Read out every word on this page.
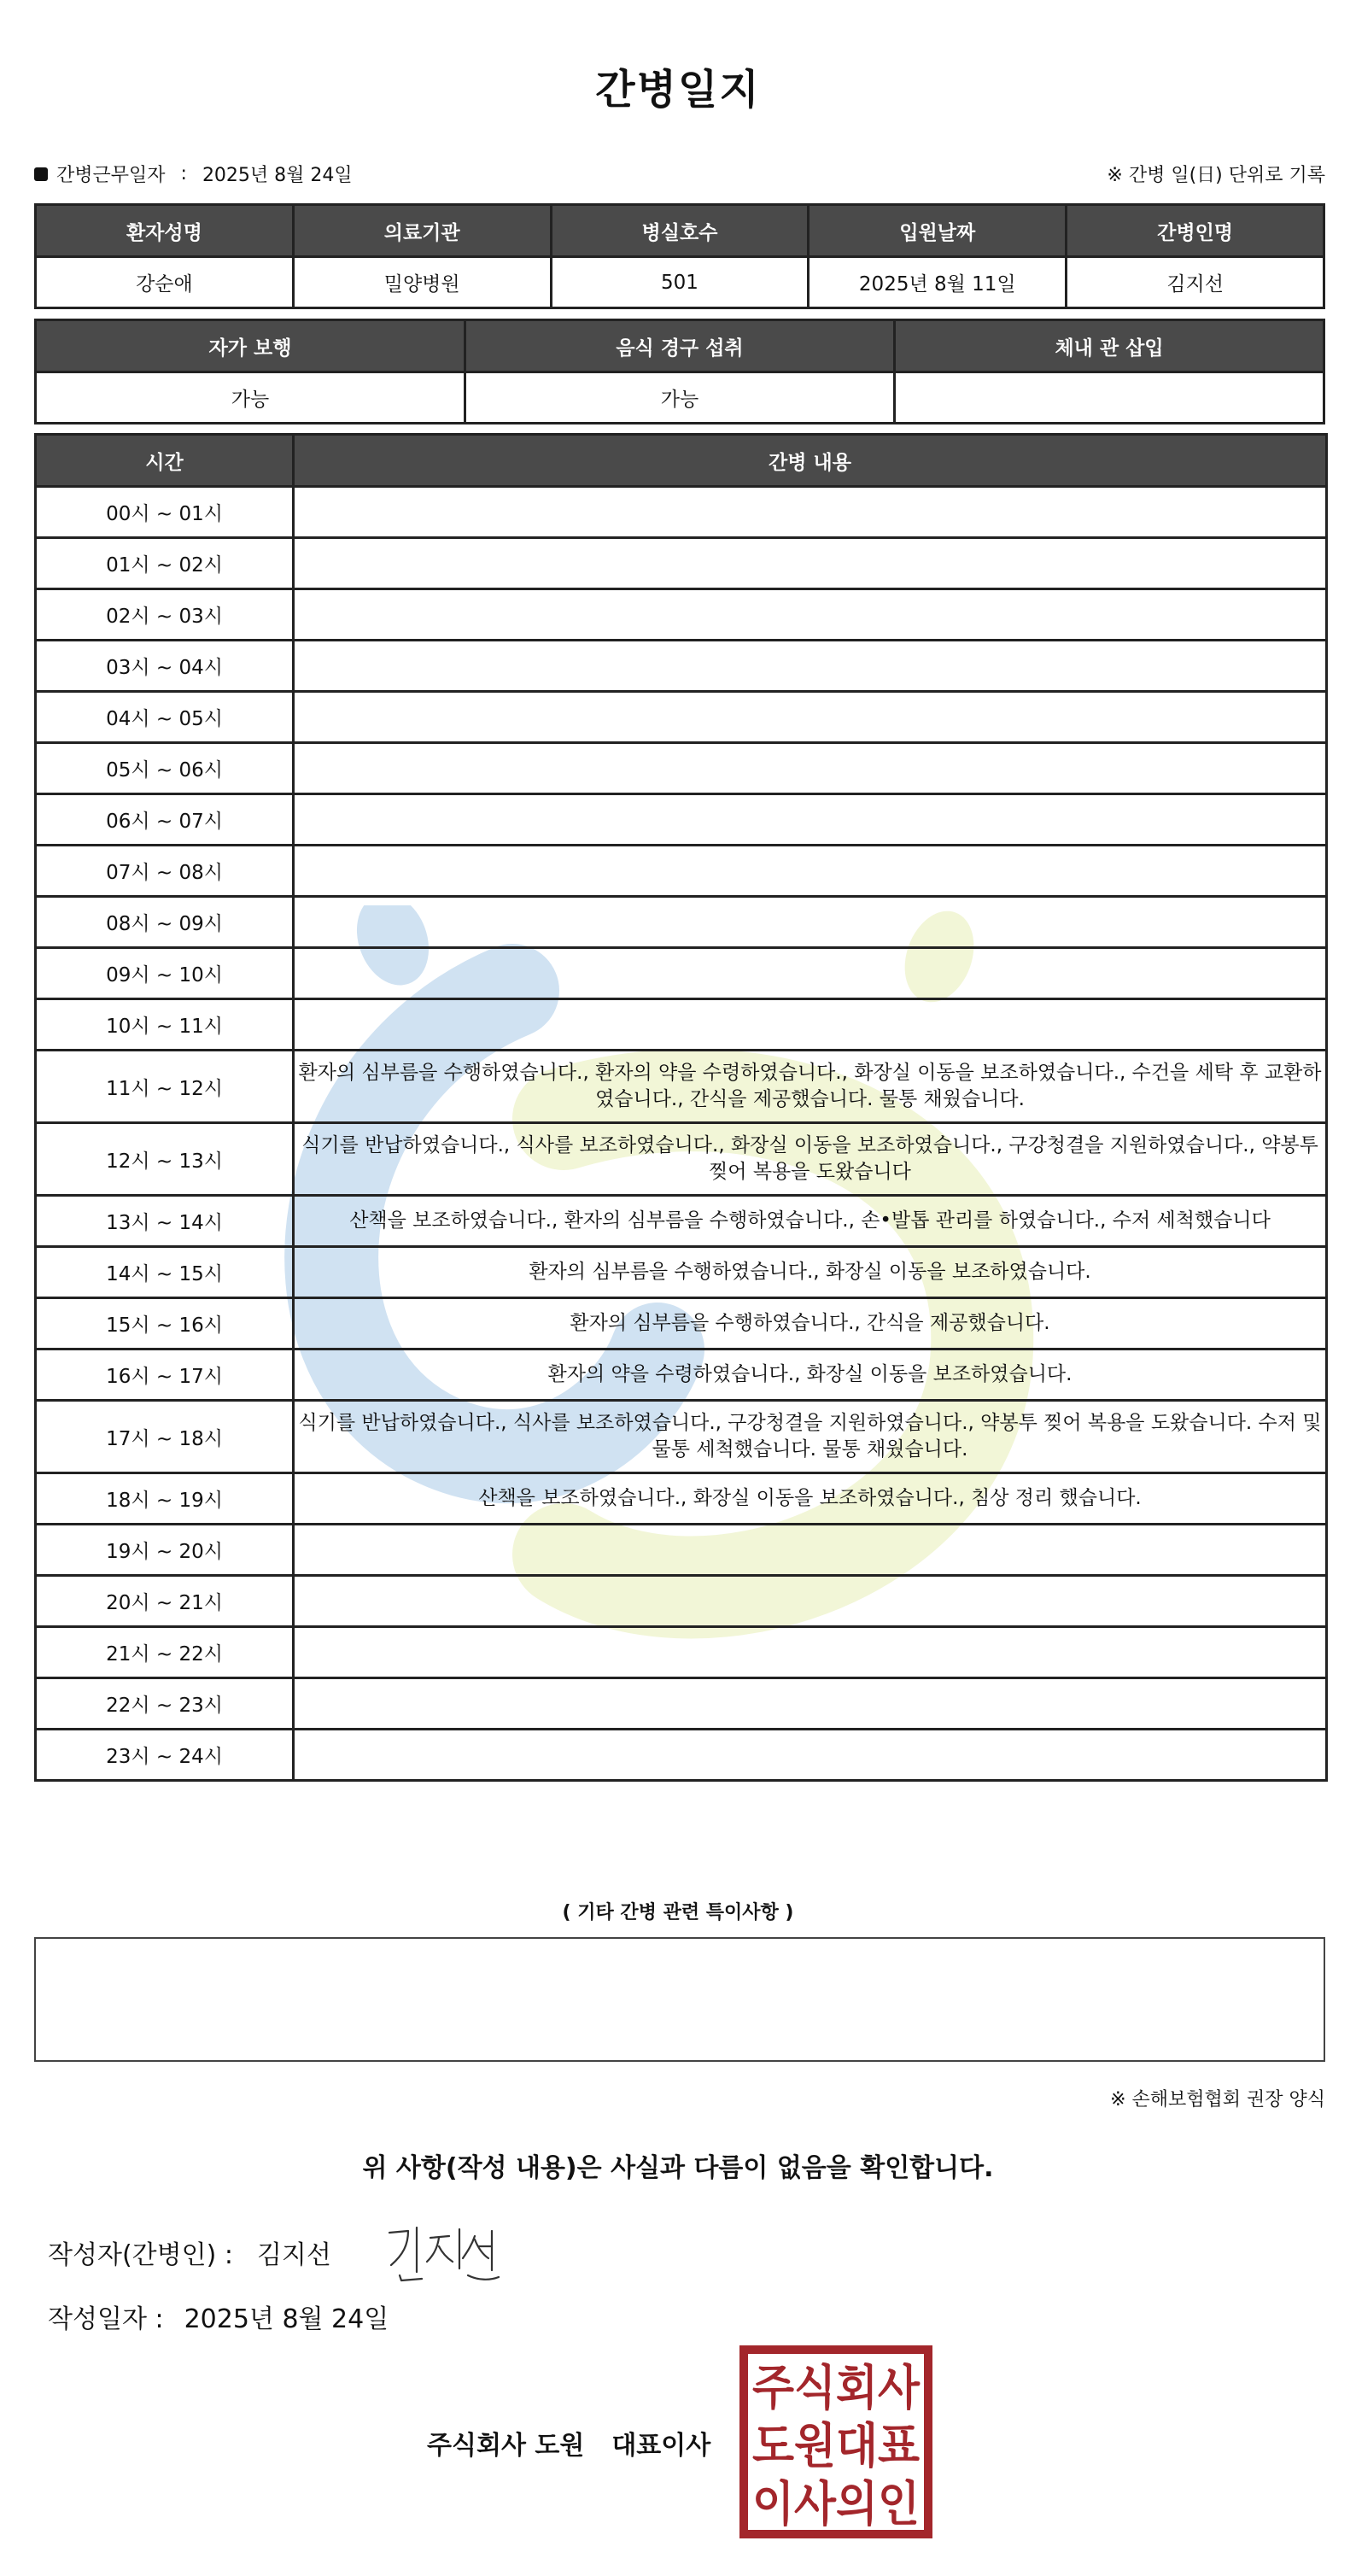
간병일지
간병근무일자 : 2025년 8월 24일	※ 간병 일(日) 단위로 기록
환자성명	의료기관	병실호수	입원날짜	간병인명
강순애	밀양병원	501	2025년 8월 11일	김지선
자가 보행	음식 경구 섭취	체내 관 삽입
가능	가능	
시간	간병 내용
00시 ~ 01시	
01시 ~ 02시	
02시 ~ 03시	
03시 ~ 04시	
04시 ~ 05시	
05시 ~ 06시	
06시 ~ 07시	
07시 ~ 08시	
08시 ~ 09시	
09시 ~ 10시	
10시 ~ 11시	
11시 ~ 12시	환자의 심부름을 수행하였습니다., 환자의 약을 수령하였습니다., 화장실 이동을 보조하였습니다., 수건을 세탁 후 교환하였습니다., 간식을 제공했습니다. 물통 채웠습니다.
12시 ~ 13시	식기를 반납하였습니다., 식사를 보조하였습니다., 화장실 이동을 보조하였습니다., 구강청결을 지원하였습니다., 약봉투 찢어 복용을 도왔습니다
13시 ~ 14시	산책을 보조하였습니다., 환자의 심부름을 수행하였습니다., 손•발톱 관리를 하였습니다., 수저 세척했습니다
14시 ~ 15시	환자의 심부름을 수행하였습니다., 화장실 이동을 보조하였습니다.
15시 ~ 16시	환자의 심부름을 수행하였습니다., 간식을 제공했습니다.
16시 ~ 17시	환자의 약을 수령하였습니다., 화장실 이동을 보조하였습니다.
17시 ~ 18시	식기를 반납하였습니다., 식사를 보조하였습니다., 구강청결을 지원하였습니다., 약봉투 찢어 복용을 도왔습니다. 수저 및 물통 세척했습니다. 물통 채웠습니다.
18시 ~ 19시	산책을 보조하였습니다., 화장실 이동을 보조하였습니다., 침상 정리 했습니다.
19시 ~ 20시	
20시 ~ 21시	
21시 ~ 22시	
22시 ~ 23시	
23시 ~ 24시	
( 기타 간병 관련 특이사항 )
※ 손해보험협회 권장 양식
위 사항(작성 내용)은 사실과 다름이 없음을 확인합니다.
작성자(간병인) : 김지선
작성일자 : 2025년 8월 24일
주식회사 도원 대표이사
주식회사
도원대표
이사의인
